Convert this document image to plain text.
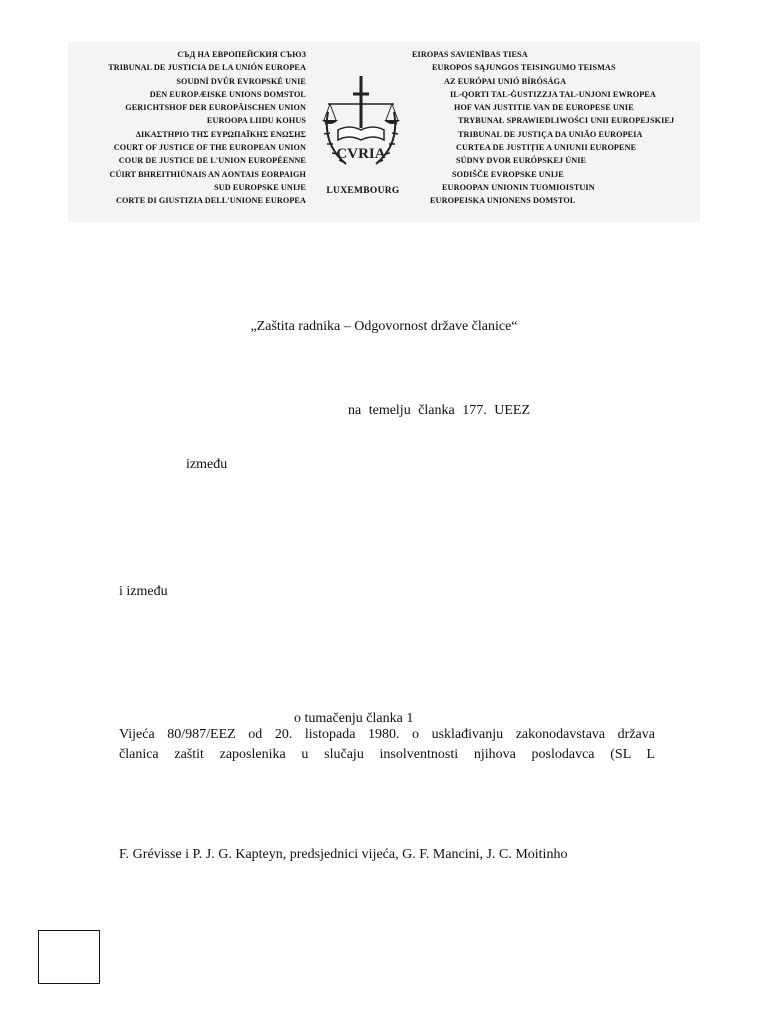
СЪД НА ЕВРОПЕЙСКИЯ СЪЮЗ
TRIBUNAL DE JUSTICIA DE LA UNIÓN EUROPEA
SOUDNÍ DVŮR EVROPSKÉ UNIE
DEN EUROPÆISKE UNIONS DOMSTOL
GERICHTSHOF DER EUROPÄISCHEN UNION
EUROOPA LIIDU KOHUS
ΔΙΚΑΣΤΗΡΙΟ ΤΗΣ ΕΥΡΩΠΑΪΚΗΣ ΕΝΩΣΗΣ
COURT OF JUSTICE OF THE EUROPEAN UNION
COUR DE JUSTICE DE L'UNION EUROPÉENNE
CÚIRT BHREITHIÚNAIS AN AONTAIS EORPAIGH
SUD EUROPSKE UNIJE
CORTE DI GIUSTIZIA DELL'UNIONE EUROPEA
EIROPAS SAVIENĪBAS TIESA
EUROPOS SĄJUNGOS TEISINGUMO TEISMAS
AZ EURÓPAI UNIÓ BÍRÓSÁGA
IL-QORTI TAL-ĠUSTIZZJA TAL-UNJONI EWROPEA
HOF VAN JUSTITIE VAN DE EUROPESE UNIE
TRYBUNAŁ SPRAWIEDLIWOŚCI UNII EUROPEJSKIEJ
TRIBUNAL DE JUSTIÇA DA UNIÃO EUROPEIA
CURTEA DE JUSTIȚIE A UNIUNII EUROPENE
SÚDNY DVOR EURÓPSKEJ ÚNIE
SODIŠČE EVROPSKE UNIJE
EUROOPAN UNIONIN TUOMIOISTUIN
EUROPEISKA UNIONENS DOMSTOL
CVRIA
LUXEMBOURG
„Zaštita radnika – Odgovornost države članice“
na temelju članka 177. UEEZ
između
i između
o tumačenju članka 1
Vijeća 80/987/EEZ od 20. listopada 1980. o usklađivanju zakonodavstava država
članica zaštit zaposlenika u slučaju insolventnosti njihova poslodavca (SL L
F. Grévisse i P. J. G. Kapteyn, predsjednici vijeća, G. F. Mancini, J. C. Moitinho
